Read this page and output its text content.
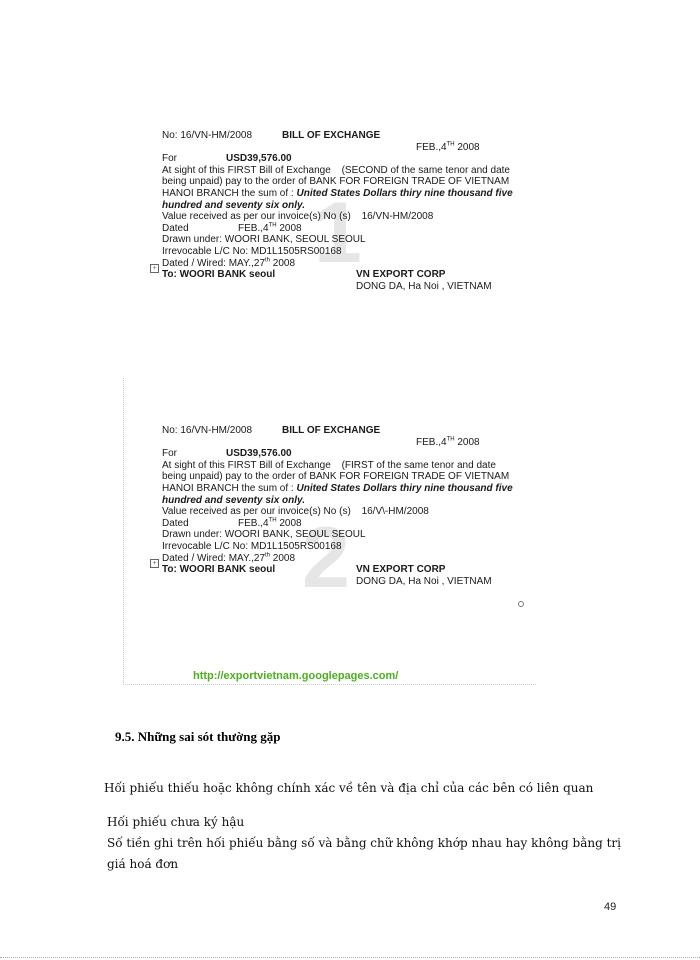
1
No: 16/VN-HM/2008	BILL OF EXCHANGE
FEB.,4TH 2008
For	USD39,576.00
At sight of this FIRST Bill of Exchange (SECOND of the same tenor and date
being unpaid) pay to the order of BANK FOR FOREIGN TRADE OF VIETNAM
HANOI BRANCH the sum of : United States Dollars thiry nine thousand five
hundred and seventy six only.
Value received as per our invoice(s) No (s) 16/VN-HM/2008
Dated	FEB.,4TH 2008
Drawn under: WOORI BANK, SEOUL SEOUL
Irrevocable L/C No: MD1L1505RS00168
Dated / Wired: MAY.,27th 2008
To: WOORI BANK seoul	VN EXPORT CORP
DONG DA, Ha Noi , VIETNAM
+
2
No: 16/VN-HM/2008	BILL OF EXCHANGE
FEB.,4TH 2008
For	USD39,576.00
At sight of this FIRST Bill of Exchange (FIRST of the same tenor and date
being unpaid) pay to the order of BANK FOR FOREIGN TRADE OF VIETNAM
HANOI BRANCH the sum of : United States Dollars thiry nine thousand five
hundred and seventy six only.
Value received as per our invoice(s) No (s) 16/V\-HM/2008
Dated	FEB.,4TH 2008
Drawn under: WOORI BANK, SEOUL SEOUL
Irrevocable L/C No: MD1L1505RS00168
Dated / Wired: MAY.,27th 2008
To: WOORI BANK seoul	VN EXPORT CORP
DONG DA, Ha Noi , VIETNAM
+
http://exportvietnam.googlepages.com/
9.5. Những sai sót thường gặp
Hối phiếu thiếu hoặc không chính xác về tên và địa chỉ của các bên có liên quan
Hối phiếu chưa ký hậu
Số tiền ghi trên hối phiếu bằng số và bằng chữ không khớp nhau hay không bằng trị
giá hoá đơn
49
